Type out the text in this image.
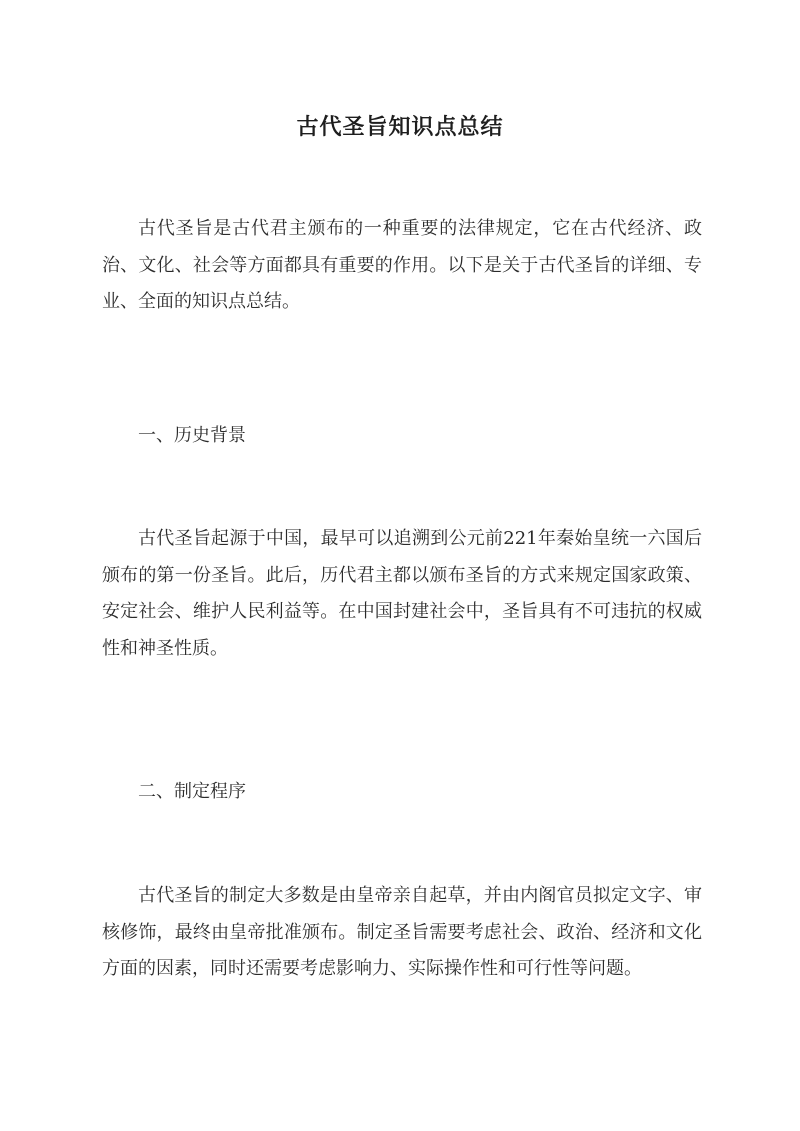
古代圣旨知识点总结

古代圣旨是古代君主颁布的一种重要的法律规定，它在古代经济、政治、文化、社会等方面都具有重要的作用。以下是关于古代圣旨的详细、专业、全面的知识点总结。

一、历史背景

古代圣旨起源于中国，最早可以追溯到公元前221年秦始皇统一六国后颁布的第一份圣旨。此后，历代君主都以颁布圣旨的方式来规定国家政策、安定社会、维护人民利益等。在中国封建社会中，圣旨具有不可违抗的权威性和神圣性质。

二、制定程序

古代圣旨的制定大多数是由皇帝亲自起草，并由内阁官员拟定文字、审核修饰，最终由皇帝批准颁布。制定圣旨需要考虑社会、政治、经济和文化方面的因素，同时还需要考虑影响力、实际操作性和可行性等问题。
